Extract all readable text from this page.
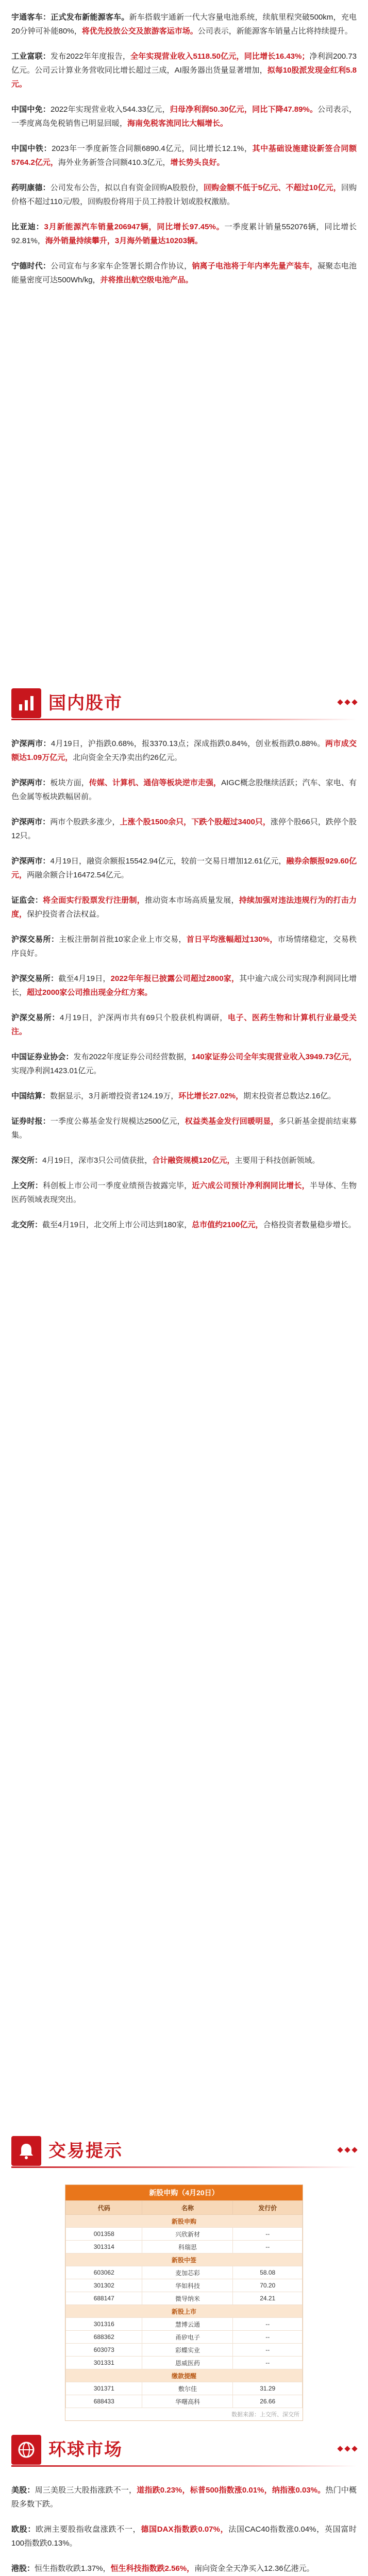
宇通客车：正式发布新能源客车。新车搭载宇通新一代大容量电池系统，续航里程突破500km，充电20分钟可补能80%，将优先投放公交及旅游客运市场。公司表示，新能源客车销量占比将持续提升。

工业富联：发布2022年年度报告，全年实现营业收入5118.50亿元，同比增长16.43%；净利润200.73亿元。公司云计算业务营收同比增长超过三成，AI服务器出货量显著增加，拟每10股派发现金红利5.8元。

中国中免：2022年实现营业收入544.33亿元，归母净利润50.30亿元，同比下降47.89%。公司表示，一季度离岛免税销售已明显回暖，海南免税客流同比大幅增长。

中国中铁：2023年一季度新签合同额6890.4亿元，同比增长12.1%，其中基础设施建设新签合同额5764.2亿元，海外业务新签合同额410.3亿元，增长势头良好。

药明康德：公司发布公告，拟以自有资金回购A股股份，回购金额不低于5亿元、不超过10亿元，回购价格不超过110元/股，回购股份将用于员工持股计划或股权激励。

比亚迪：3月新能源汽车销量206947辆，同比增长97.45%。一季度累计销量552076辆，同比增长92.81%，海外销量持续攀升，3月海外销量达10203辆。

宁德时代：公司宣布与多家车企签署长期合作协议，钠离子电池将于年内率先量产装车，凝聚态电池能量密度可达500Wh/kg，并将推出航空级电池产品。

国内股市

沪深两市：4月19日，沪指跌0.68%，报3370.13点；深成指跌0.84%，创业板指跌0.88%。两市成交额达1.09万亿元，北向资金全天净卖出约26亿元。

沪深两市：板块方面，传媒、计算机、通信等板块逆市走强，AIGC概念股继续活跃；汽车、家电、有色金属等板块跌幅居前。

沪深两市：两市个股跌多涨少，上涨个股1500余只，下跌个股超过3400只，涨停个股66只，跌停个股12只。

沪深两市：4月19日，融资余额报15542.94亿元，较前一交易日增加12.61亿元，融券余额报929.60亿元，两融余额合计16472.54亿元。

证监会：将全面实行股票发行注册制，推动资本市场高质量发展，持续加强对违法违规行为的打击力度，保护投资者合法权益。

沪深交易所：主板注册制首批10家企业上市交易，首日平均涨幅超过130%，市场情绪稳定，交易秩序良好。

沪深交易所：截至4月19日，2022年年报已披露公司超过2800家，其中逾六成公司实现净利润同比增长，超过2000家公司推出现金分红方案。

沪深交易所：4月19日，沪深两市共有69只个股获机构调研，电子、医药生物和计算机行业最受关注。

中国证券业协会：发布2022年度证券公司经营数据，140家证券公司全年实现营业收入3949.73亿元，实现净利润1423.01亿元。

中国结算：数据显示，3月新增投资者124.19万，环比增长27.02%，期末投资者总数达2.16亿。

证券时报：一季度公募基金发行规模达2500亿元，权益类基金发行回暖明显，多只新基金提前结束募集。

深交所：4月19日，深市3只公司债获批，合计融资规模120亿元，主要用于科技创新领域。

上交所：科创板上市公司一季度业绩预告披露完毕，近六成公司预计净利润同比增长，半导体、生物医药领域表现突出。

北交所：截至4月19日，北交所上市公司达到180家，总市值约2100亿元，合格投资者数量稳步增长。

交易提示
新股申购（4月20日）
代码	名称	发行价
新股申购		
001358	兴欣新材	--
301314	科瑞思	--
新股中签		
603062	麦加芯彩	58.08
301302	华如科技	70.20
688147	微导纳米	24.21
新股上市		
301316	慧博云通	--
688362	甬矽电子	--
603073	彩蝶实业	--
301331	恩威医药	--
缴款提醒		
301371	敷尔佳	31.29
688433	华曙高科	26.66
数据来源：上交所、深交所
环球市场

美股：周三美股三大股指涨跌不一，道指跌0.23%，标普500指数涨0.01%，纳指涨0.03%。热门中概股多数下跌。

欧股：欧洲主要股指收盘涨跌不一，德国DAX指数跌0.07%，法国CAC40指数涨0.04%，英国富时100指数跌0.13%。

港股：恒生指数收跌1.37%，恒生科技指数跌2.56%，南向资金全天净买入12.36亿港元。
